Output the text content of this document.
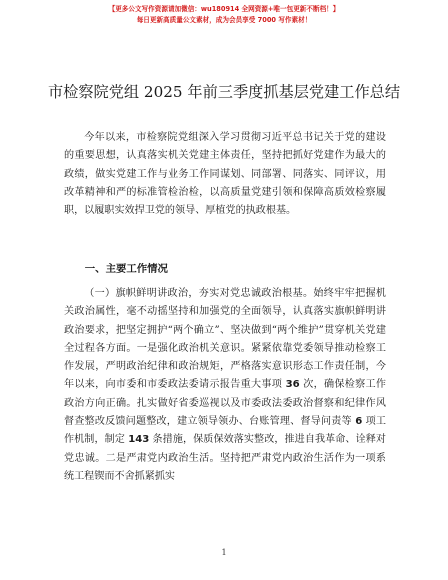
【更多公文写作资源请加微信：wu180914 全网资源+唯一包更新不断档！】
每日更新高质量公文素材，成为会员享受 7000 写作素材！
市检察院党组 2025 年前三季度抓基层党建工作总结

今年以来，市检察院党组深入学习贯彻习近平总书记关于党的建设的重要思想，认真落实机关党建主体责任，坚持把抓好党建作为最大的政绩，做实党建工作与业务工作同谋划、同部署、同落实、同评议，用改革精神和严的标准管检治检，以高质量党建引领和保障高质效检察履职，以履职实效捍卫党的领导、厚植党的执政根基。

一、主要工作情况

（一）旗帜鲜明讲政治，夯实对党忠诚政治根基。始终牢牢把握机关政治属性，毫不动摇坚持和加强党的全面领导，认真落实旗帜鲜明讲政治要求，把坚定拥护“两个确立”、坚决做到“两个维护”贯穿机关党建全过程各方面。一是强化政治机关意识。紧紧依靠党委领导推动检察工作发展，严明政治纪律和政治规矩，严格落实意识形态工作责任制，今年以来，向市委和市委政法委请示报告重大事项 36 次，确保检察工作政治方向正确。扎实做好省委巡视以及市委政法委政治督察和纪律作风督查整改反馈问题整改，建立领导领办、台账管理、督导问责等 6 项工作机制，制定 143 条措施，保质保效落实整改，推进自我革命、诠释对党忠诚。二是严肃党内政治生活。坚持把严肃党内政治生活作为一项系统工程锲而不舍抓紧抓实

1
